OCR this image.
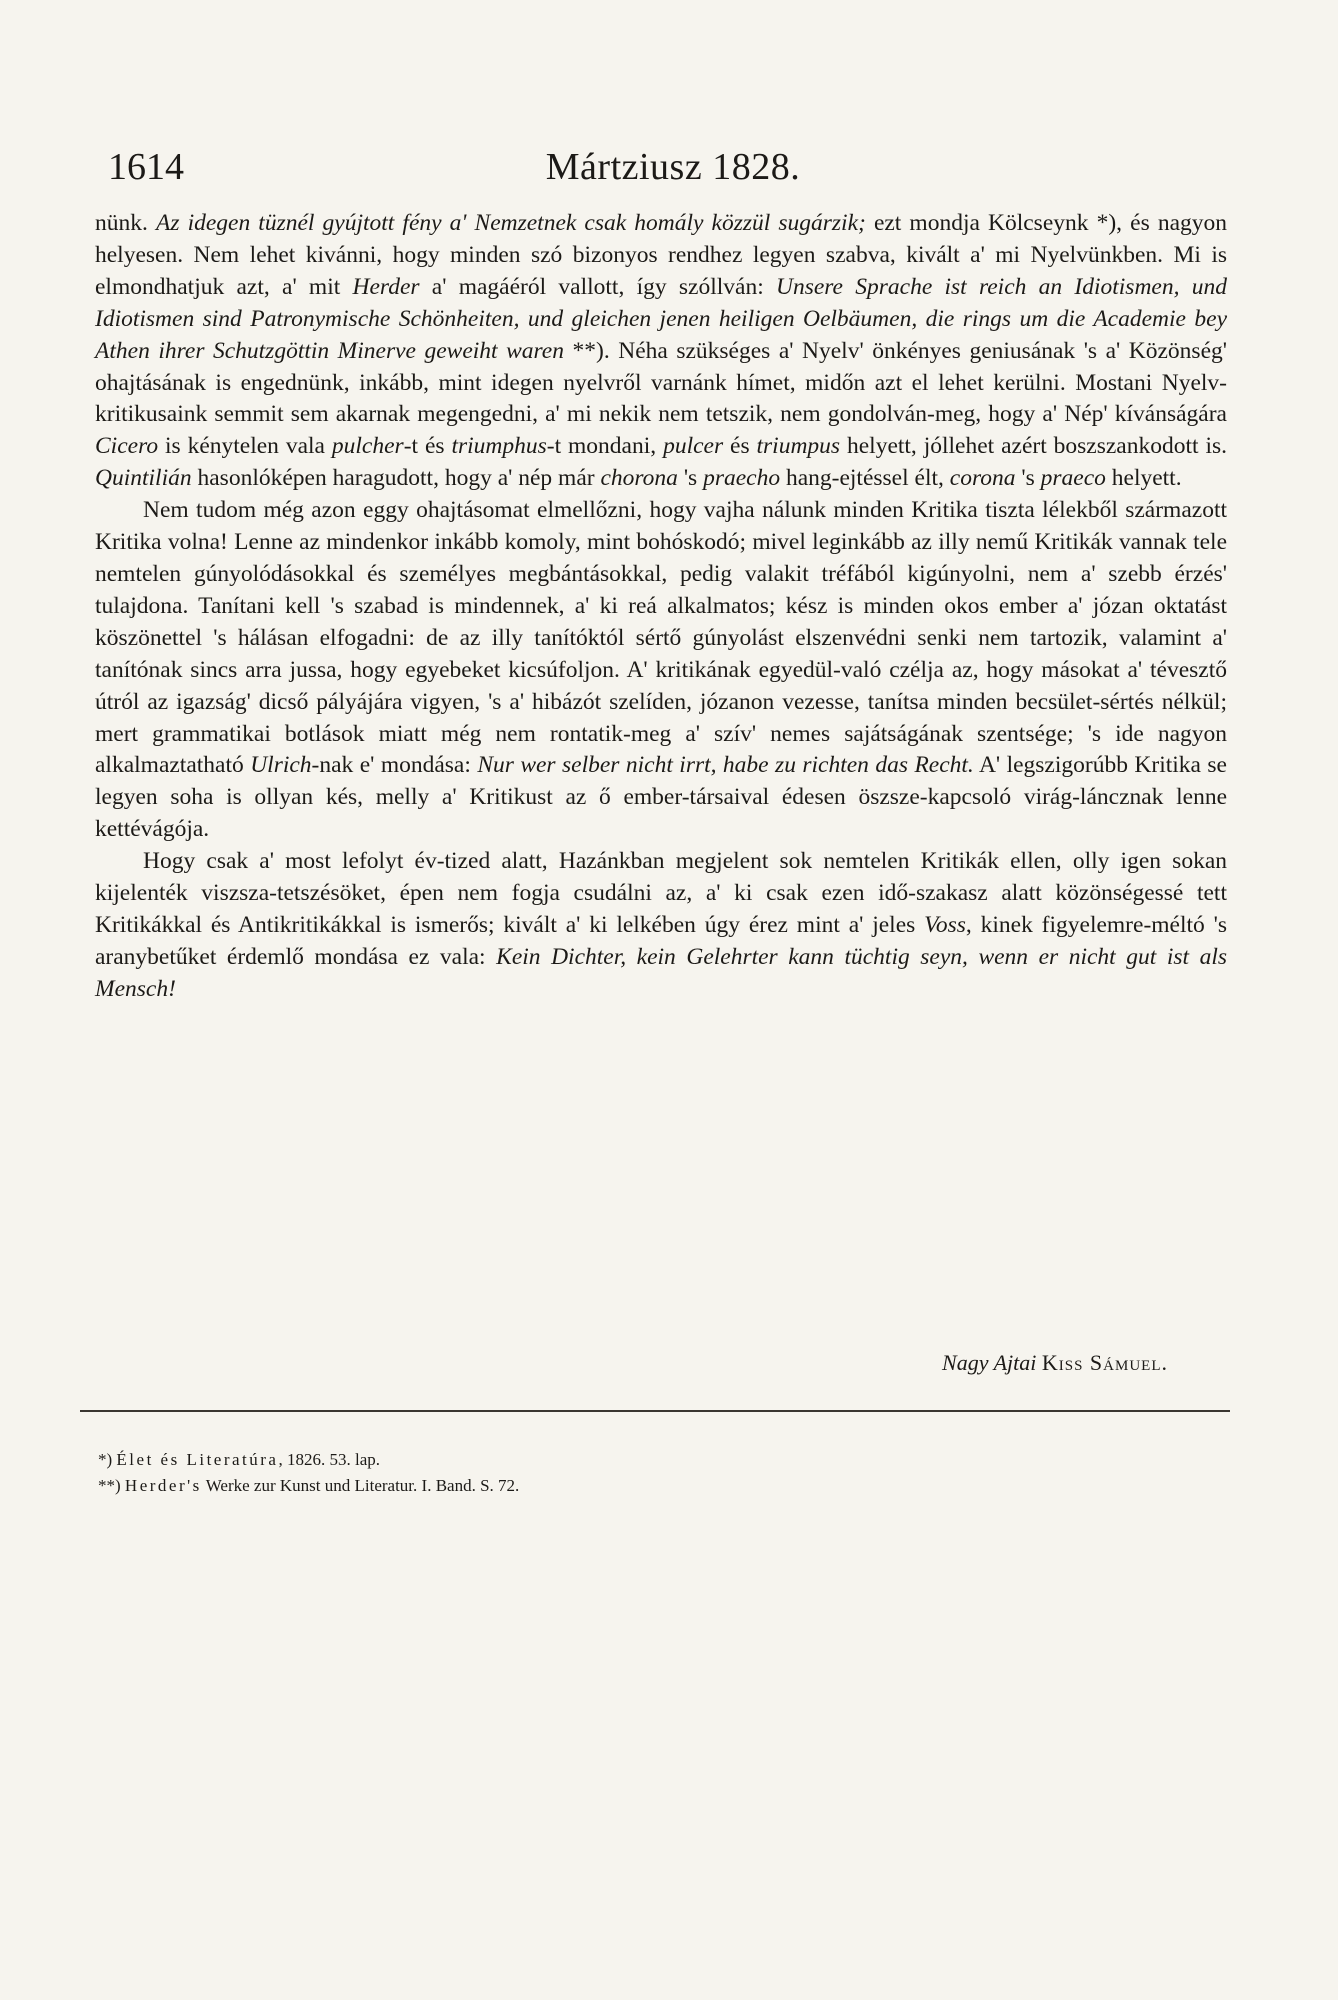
1614	Mártziusz 1828.

nünk. Az idegen tüznél gyújtott fény a' Nemzetnek csak homály közzül sugárzik; ezt mondja Kölcseynk *), és nagyon helyesen. Nem lehet kivánni, hogy minden szó bizonyos rendhez legyen szabva, kivált a' mi Nyelvünkben. Mi is elmondhatjuk azt, a' mit Herder a' magáéról vallott, így szóllván: Unsere Sprache ist reich an Idiotismen, und Idiotismen sind Patronymische Schönheiten, und gleichen jenen heiligen Oelbäumen, die rings um die Academie bey Athen ihrer Schutzgöttin Minerve geweiht waren **). Néha szükséges a' Nyelv' önkényes geniusának 's a' Közönség' ohajtásának is engednünk, inkább, mint idegen nyelvről varnánk hímet, midőn azt el lehet kerülni. Mostani Nyelv-kritikusaink semmit sem akarnak megengedni, a' mi nekik nem tetszik, nem gondolván-meg, hogy a' Nép' kívánságára Cicero is kénytelen vala pulcher-t és triumphus-t mondani, pulcer és triumpus helyett, jóllehet azért boszszankodott is. Quintilián hasonlóképen haragudott, hogy a' nép már chorona 's praecho hang-ejtéssel élt, corona 's praeco helyett.

Nem tudom még azon eggy ohajtásomat elmellőzni, hogy vajha nálunk minden Kritika tiszta lélekből származott Kritika volna! Lenne az mindenkor inkább komoly, mint bohóskodó; mivel leginkább az illy nemű Kritikák vannak tele nemtelen gúnyolódásokkal és személyes megbántásokkal, pedig valakit tréfából kigúnyolni, nem a' szebb érzés' tulajdona. Tanítani kell 's szabad is mindennek, a' ki reá alkalmatos; kész is minden okos ember a' józan oktatást köszönettel 's hálásan elfogadni: de az illy tanítóktól sértő gúnyolást elszenvédni senki nem tartozik, valamint a' tanítónak sincs arra jussa, hogy egyebeket kicsúfoljon. A' kritikának egyedül-való czélja az, hogy másokat a' tévesztő útról az igazság' dicső pályájára vigyen, 's a' hibázót szelíden, józanon vezesse, tanítsa minden becsület-sértés nélkül; mert grammatikai botlások miatt még nem rontatik-meg a' szív' nemes sajátságának szentsége; 's ide nagyon alkalmaztatható Ulrich-nak e' mondása: Nur wer selber nicht irrt, habe zu richten das Recht. A' legszigorúbb Kritika se legyen soha is ollyan kés, melly a' Kritikust az ő ember-társaival édesen öszsze-kapcsoló virág-láncznak lenne kettévágója.

Hogy csak a' most lefolyt év-tized alatt, Hazánkban megjelent sok nemtelen Kritikák ellen, olly igen sokan kijelenték viszsza-tetszésöket, épen nem fogja csudálni az, a' ki csak ezen idő-szakasz alatt közönségessé tett Kritikákkal és Antikritikákkal is ismerős; kivált a' ki lelkében úgy érez mint a' jeles Voss, kinek figyelemre-méltó 's aranybetűket érdemlő mondása ez vala: Kein Dichter, kein Gelehrter kann tüchtig seyn, wenn er nicht gut ist als Mensch!

Nagy Ajtai Kiss Sámuel.
*) Élet és Literatúra, 1826. 53. lap.
**) Herder's Werke zur Kunst und Literatur. I. Band. S. 72.
